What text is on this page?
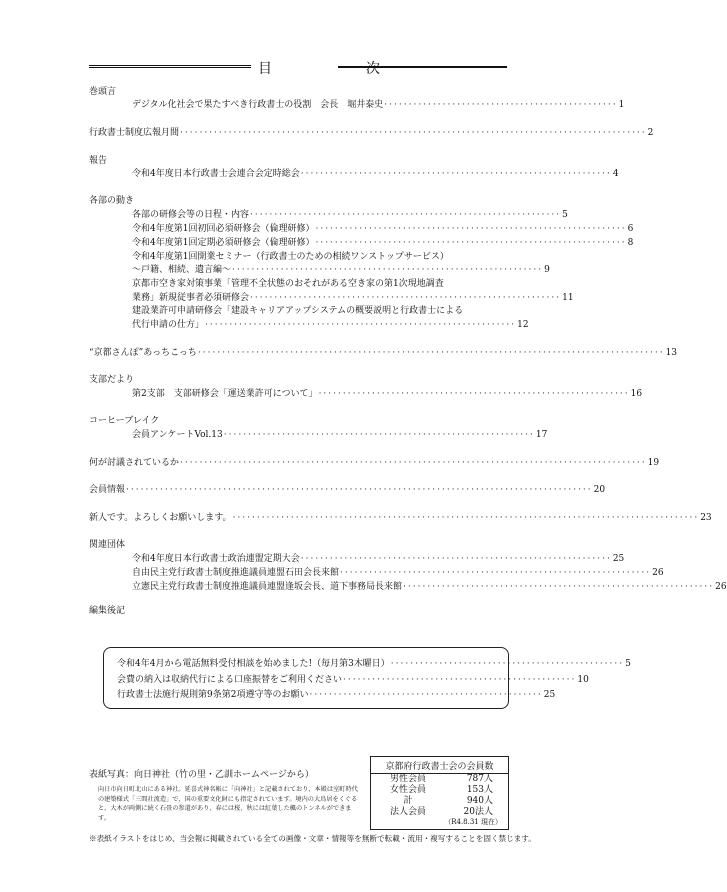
目　次
巻頭言
デジタル化社会で果たすべき行政書士の役割　会長　堀井泰史 ················································ 1
行政書士制度広報月間 ································································································ 2
報告
令和4年度日本行政書士会連合会定時総会 ································································ 4
各部の動き
各部の研修会等の日程・内容 ································································ 5
令和4年度第1回初回必須研修会（倫理研修） ································································ 6
令和4年度第1回定期必須研修会（倫理研修） ································································ 8
令和4年度第1回開業セミナー（行政書士のための相続ワンストップサービス）
～戸籍、相続、遺言編～ ································································ 9
京都市空き家対策事業「管理不全状態のおそれがある空き家の第1次現地調査
業務」新規従事者必須研修会 ································································ 11
建設業許可申請研修会「建設キャリアアップシステムの概要説明と行政書士による
代行申請の仕方」 ································································ 12
“京都さんぽ”あっちこっち ································································································ 13
支部だより
第2支部　支部研修会「運送業許可について」 ································································ 16
コーヒーブレイク
会員アンケートVol.13 ································································ 17
何が討議されているか ································································································ 19
会員情報 ································································································ 20
新人です。よろしくお願いします。 ································································································ 23
関連団体
令和4年度日本行政書士政治連盟定期大会 ································································ 25
自由民主党行政書士制度推進議員連盟石田会長来館 ································································ 26
立憲民主党行政書士制度推進議員連盟逢坂会長、道下事務局長来館 ································································ 26
編集後記
令和4年4月から電話無料受付相談を始めました!（毎月第3木曜日） ················································ 5
会費の納入は収納代行による口座振替をご利用ください ················································ 10
行政書士法施行規則第9条第2項遵守等のお願い ················································ 25
表紙写真：向日神社（竹の里・乙訓ホームページから）
向日市向日町北山にある神社。延喜式神名帳に「向神社」と記載されており、本殿は室町時代の建築様式「三間社流造」で、国の重要文化財にも指定されています。境内の大鳥居をくぐると、大木が両側に続く石畳の参道があり、春には桜、秋には紅葉した楓のトンネルができます。
京都府行政書士会の会員数
男性会員	787人
女性会員	153人
計	940人
法人会員	20法人
（R4.8.31 現在）
※表紙イラストをはじめ、当会報に掲載されている全ての画像・文章・情報等を無断で転載・流用・複写することを固く禁じます。
